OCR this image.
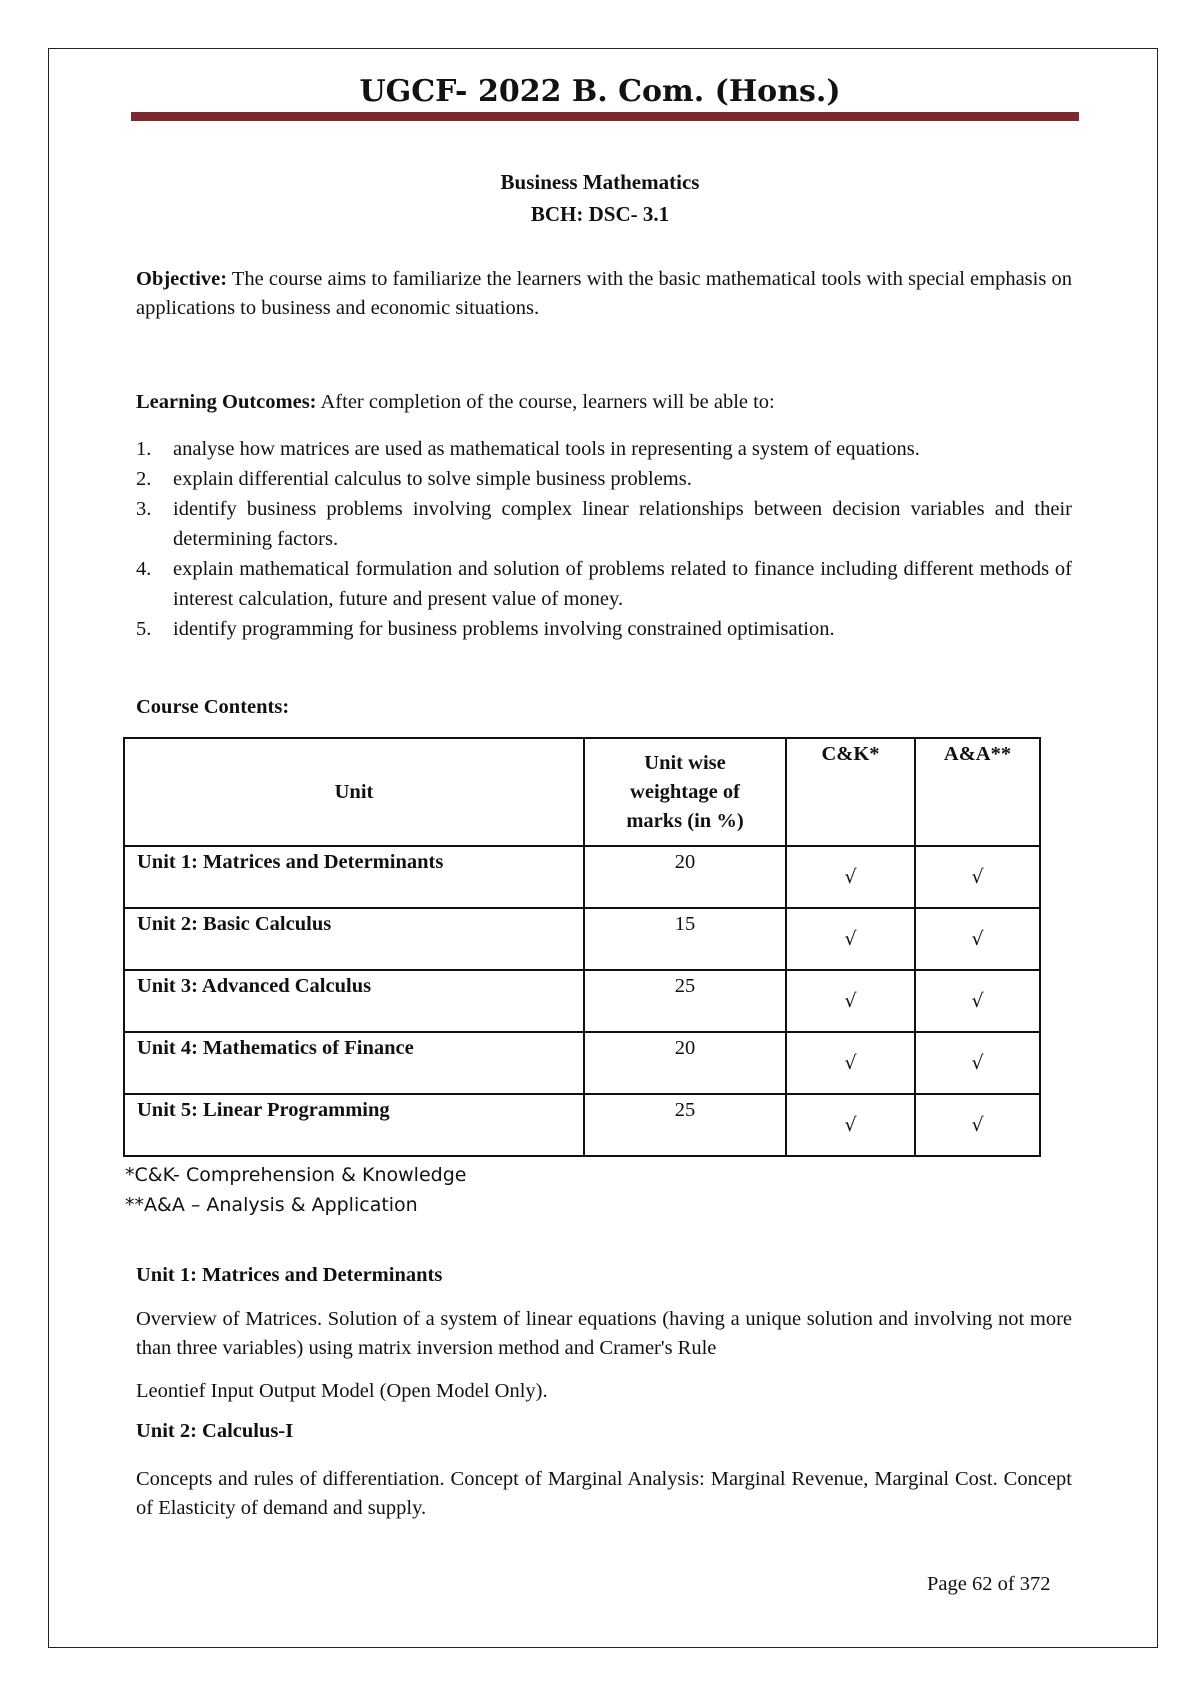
UGCF- 2022 B. Com. (Hons.)
Business Mathematics
BCH: DSC- 3.1

Objective: The course aims to familiarize the learners with the basic mathematical tools with special emphasis on applications to business and economic situations.

Learning Outcomes: After completion of the course, learners will be able to:

1. analyse how matrices are used as mathematical tools in representing a system of equations.
2. explain differential calculus to solve simple business problems.
3. identify business problems involving complex linear relationships between decision variables and their determining factors.
4. explain mathematical formulation and solution of problems related to finance including different methods of interest calculation, future and present value of money.
5. identify programming for business problems involving constrained optimisation.
Course Contents:
Unit	Unit wise weightage of marks (in %)	C&K*	A&A**
Unit 1: Matrices and Determinants	20	√	√
Unit 2: Basic Calculus	15	√	√
Unit 3: Advanced Calculus	25	√	√
Unit 4: Mathematics of Finance	20	√	√
Unit 5: Linear Programming	25	√	√
*C&K- Comprehension & Knowledge
**A&A – Analysis & Application
Unit 1: Matrices and Determinants

Overview of Matrices. Solution of a system of linear equations (having a unique solution and involving not more than three variables) using matrix inversion method and Cramer's Rule

Leontief Input Output Model (Open Model Only).

Unit 2: Calculus-I

Concepts and rules of differentiation. Concept of Marginal Analysis: Marginal Revenue, Marginal Cost. Concept of Elasticity of demand and supply.

Page 62 of 372
